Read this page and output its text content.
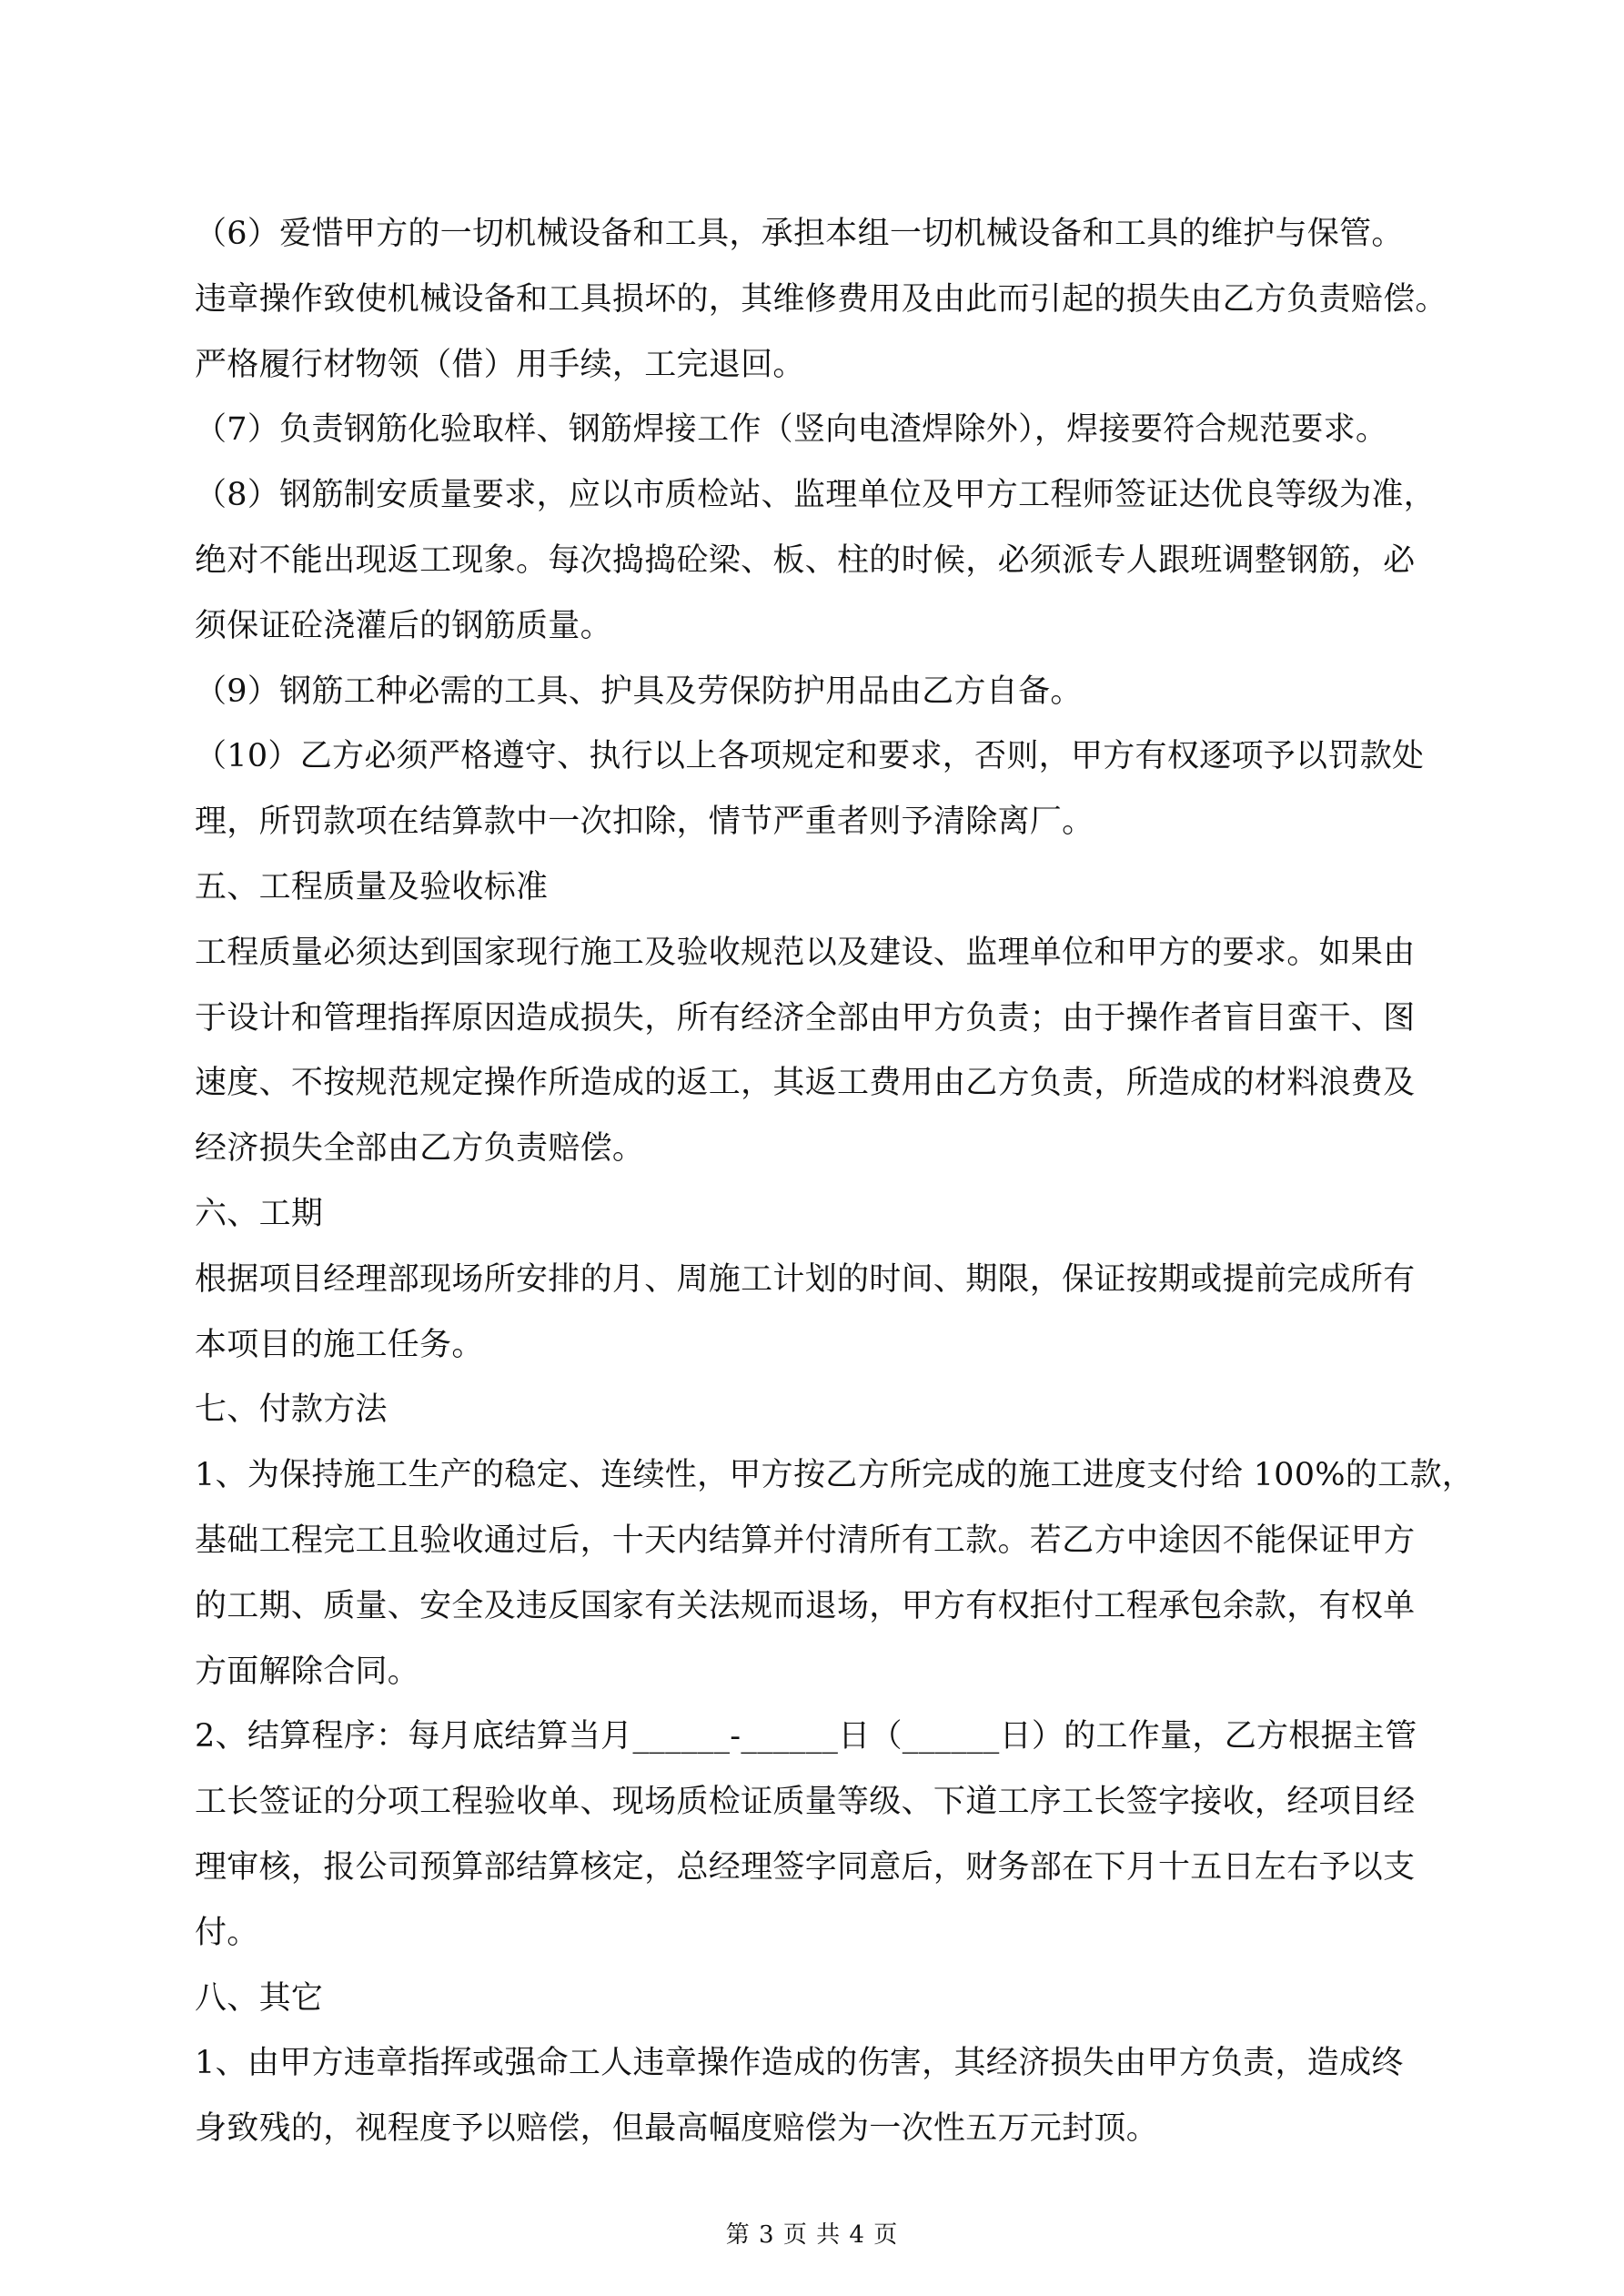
（6）爱惜甲方的一切机械设备和工具，承担本组一切机械设备和工具的维护与保管。
违章操作致使机械设备和工具损坏的，其维修费用及由此而引起的损失由乙方负责赔偿。
严格履行材物领（借）用手续，工完退回。
（7）负责钢筋化验取样、钢筋焊接工作（竖向电渣焊除外），焊接要符合规范要求。
（8）钢筋制安质量要求，应以市质检站、监理单位及甲方工程师签证达优良等级为准，
绝对不能出现返工现象。每次捣捣砼梁、板、柱的时候，必须派专人跟班调整钢筋，必
须保证砼浇灌后的钢筋质量。
（9）钢筋工种必需的工具、护具及劳保防护用品由乙方自备。
（10）乙方必须严格遵守、执行以上各项规定和要求，否则，甲方有权逐项予以罚款处
理，所罚款项在结算款中一次扣除，情节严重者则予清除离厂。
五、工程质量及验收标准
工程质量必须达到国家现行施工及验收规范以及建设、监理单位和甲方的要求。如果由
于设计和管理指挥原因造成损失，所有经济全部由甲方负责；由于操作者盲目蛮干、图
速度、不按规范规定操作所造成的返工，其返工费用由乙方负责，所造成的材料浪费及
经济损失全部由乙方负责赔偿。
六、工期
根据项目经理部现场所安排的月、周施工计划的时间、期限，保证按期或提前完成所有
本项目的施工任务。
七、付款方法
1、为保持施工生产的稳定、连续性，甲方按乙方所完成的施工进度支付给 100%的工款，
基础工程完工且验收通过后，十天内结算并付清所有工款。若乙方中途因不能保证甲方
的工期、质量、安全及违反国家有关法规而退场，甲方有权拒付工程承包余款，有权单
方面解除合同。
2、结算程序：每月底结算当月______-______日（______日）的工作量，乙方根据主管
工长签证的分项工程验收单、现场质检证质量等级、下道工序工长签字接收，经项目经
理审核，报公司预算部结算核定，总经理签字同意后，财务部在下月十五日左右予以支
付。
八、其它
1、由甲方违章指挥或强命工人违章操作造成的伤害，其经济损失由甲方负责，造成终
身致残的，视程度予以赔偿，但最高幅度赔偿为一次性五万元封顶。
第 3 页 共 4 页
